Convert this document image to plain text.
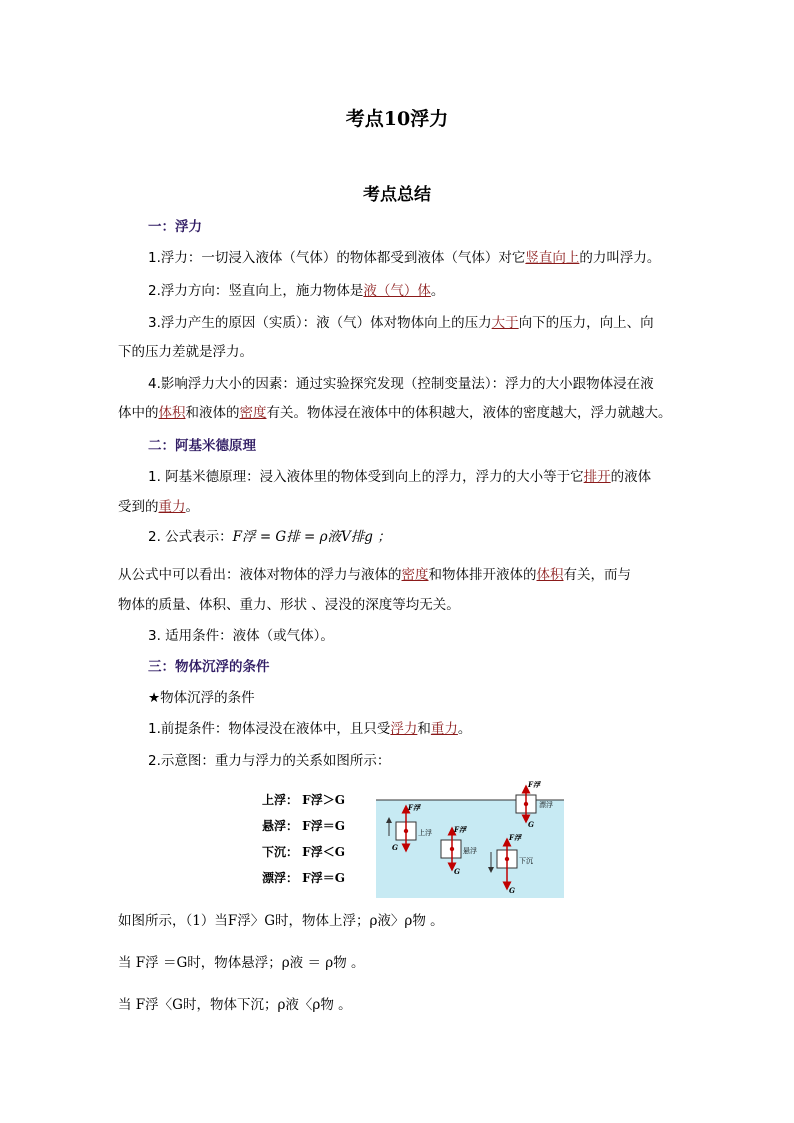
考点10浮力
考点总结
一：浮力
1.浮力：一切浸入液体（气体）的物体都受到液体（气体）对它竖直向上的力叫浮力。
2.浮力方向：竖直向上，施力物体是液（气）体。
3.浮力产生的原因（实质）：液（气）体对物体向上的压力大于向下的压力，向上、向
下的压力差就是浮力。
4.影响浮力大小的因素：通过实验探究发现（控制变量法）：浮力的大小跟物体浸在液
体中的体积和液体的密度有关。物体浸在液体中的体积越大，液体的密度越大，浮力就越大。
二：阿基米德原理
1. 阿基米德原理：浸入液体里的物体受到向上的浮力，浮力的大小等于它排开的液体
受到的重力。
2. 公式表示：F浮 = G排 = ρ液V排g ；
从公式中可以看出：液体对物体的浮力与液体的密度和物体排开液体的体积有关，而与
物体的质量、体积、重力、形状 、浸没的深度等均无关。
3. 适用条件：液体（或气体）。
三：物体沉浮的条件
★物体沉浮的条件
1.前提条件：物体浸没在液体中，且只受浮力和重力。
2.示意图：重力与浮力的关系如图所示：
上浮： F浮＞G
悬浮： F浮＝G
下沉： F浮＜G
漂浮： F浮＝G
F浮
G
上浮	F浮
G
悬浮
F浮
G
下沉
F浮
G
漂浮
如图所示，（1）当F浮〉G时，物体上浮；ρ液〉ρ物 。
当 F浮 ＝G时，物体悬浮；ρ液 ＝ ρ物 。
当 F浮〈G时，物体下沉；ρ液〈ρ物 。
